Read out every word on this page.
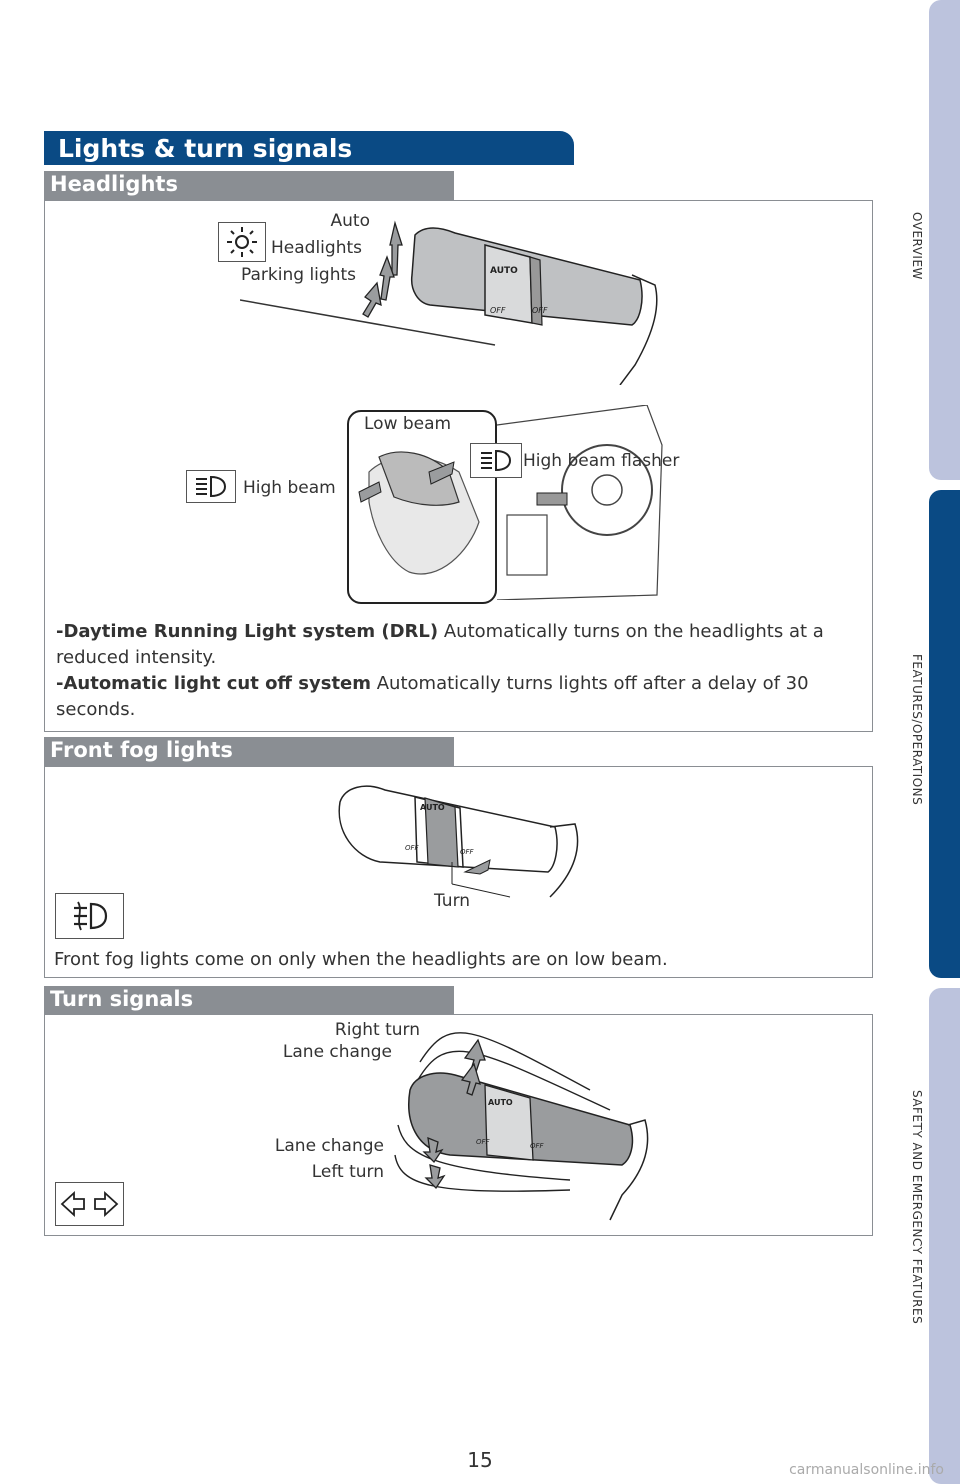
OVERVIEW
FEATURES/OPERATIONS
SAFETY AND EMERGENCY FEATURES
Lights & turn signals
Headlights
Auto
Headlights
Parking lights	AUTO
OFF	OFF
Low beam
High beam
High beam flasher
-Daytime Running Light system (DRL) Automatically turns on the headlights at a reduced intensity.
-Automatic light cut off system Automatically turns lights off after a delay of 30 seconds.
Front fog lights
AUTO
OFF	OFF
Turn
Front fog lights come on only when the headlights are on low beam.
Turn signals
Right turn
Lane change
Lane change
Left turn
AUTO
OFF	OFF
15	carmanualsonline.info
